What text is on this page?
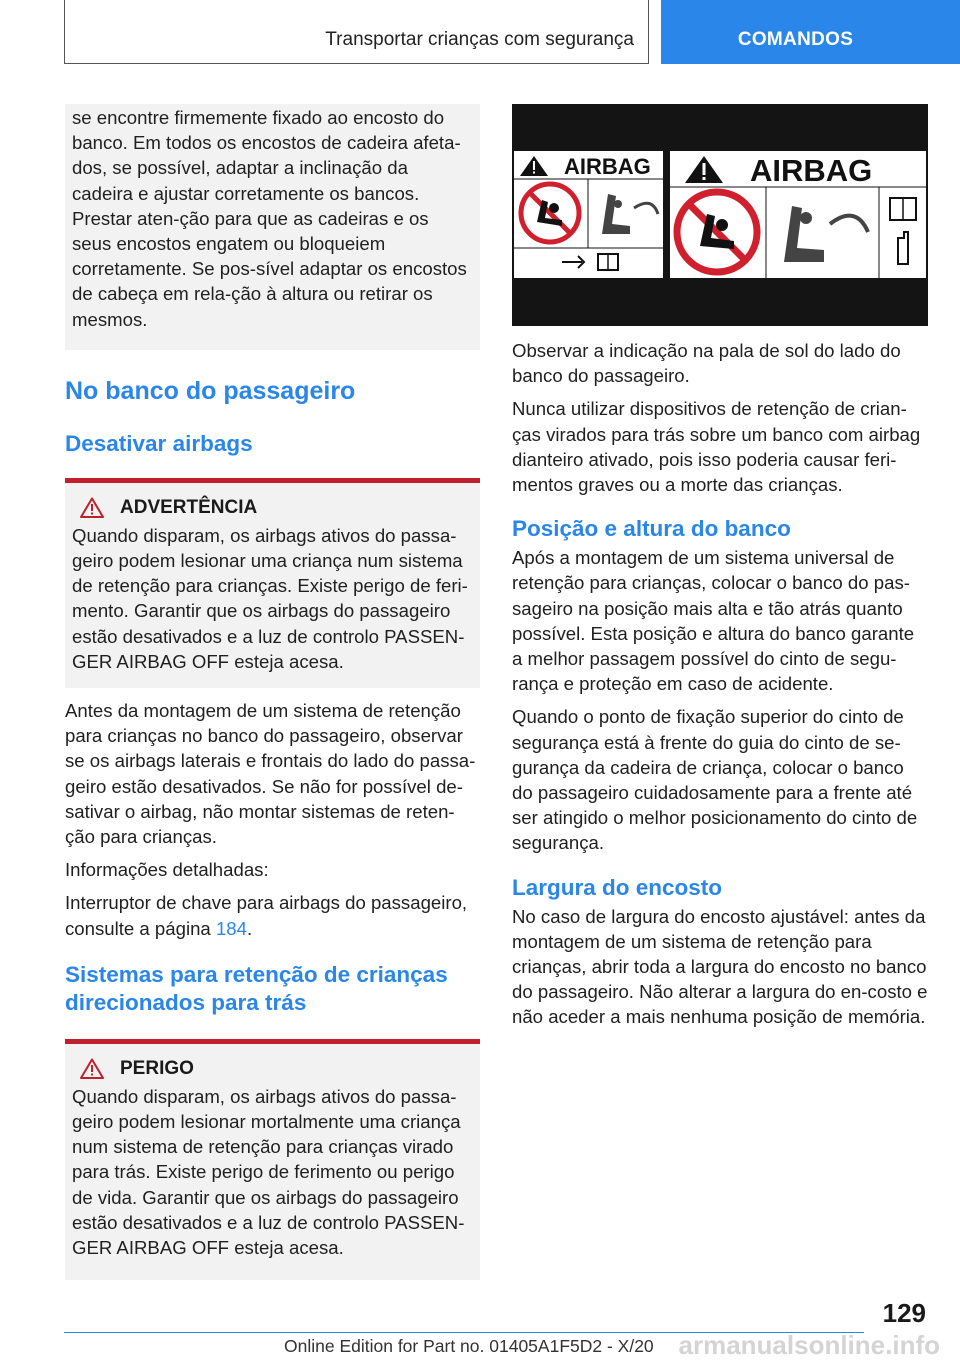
Transportar crianças com segurança	COMANDOS

se encontre firmemente fixado ao encosto do banco. Em todos os encostos de cadeira afeta-dos, se possível, adaptar a inclinação da cadeira e ajustar corretamente os bancos. Prestar aten-ção para que as cadeiras e os seus encostos engatem ou bloqueiem corretamente. Se pos-sível adaptar os encostos de cabeça em rela-ção à altura ou retirar os mesmos.

No banco do passageiro
Desativar airbags
ADVERTÊNCIA

Quando disparam, os airbags ativos do passa-geiro podem lesionar uma criança num sistema de retenção para crianças. Existe perigo de feri-mento. Garantir que os airbags do passageiro estão desativados e a luz de controlo PASSEN-GER AIRBAG OFF esteja acesa.

Antes da montagem de um sistema de retenção para crianças no banco do passageiro, observar se os airbags laterais e frontais do lado do passa-geiro estão desativados. Se não for possível de-sativar o airbag, não montar sistemas de reten-ção para crianças.

Informações detalhadas:

Interruptor de chave para airbags do passageiro, consulte a página 184.

Sistemas para retenção de crianças direcionados para trás
PERIGO

Quando disparam, os airbags ativos do passa-geiro podem lesionar mortalmente uma criança num sistema de retenção para crianças virado para trás. Existe perigo de ferimento ou perigo de vida. Garantir que os airbags do passageiro estão desativados e a luz de controlo PASSEN-GER AIRBAG OFF esteja acesa.

AIRBAG	AIRBAG

Observar a indicação na pala de sol do lado do banco do passageiro.

Nunca utilizar dispositivos de retenção de crian-ças virados para trás sobre um banco com airbag dianteiro ativado, pois isso poderia causar feri-mentos graves ou a morte das crianças.

Posição e altura do banco

Após a montagem de um sistema universal de retenção para crianças, colocar o banco do pas-sageiro na posição mais alta e tão atrás quanto possível. Esta posição e altura do banco garante a melhor passagem possível do cinto de segu-rança e proteção em caso de acidente.

Quando o ponto de fixação superior do cinto de segurança está à frente do guia do cinto de se-gurança da cadeira de criança, colocar o banco do passageiro cuidadosamente para a frente até ser atingido o melhor posicionamento do cinto de segurança.

Largura do encosto

No caso de largura do encosto ajustável: antes da montagem de um sistema de retenção para crianças, abrir toda a largura do encosto no banco do passageiro. Não alterar a largura do en-costo e não aceder a mais nenhuma posição de memória.

129
Online Edition for Part no. 01405A1F5D2 - X/20 armanualsonline.info
